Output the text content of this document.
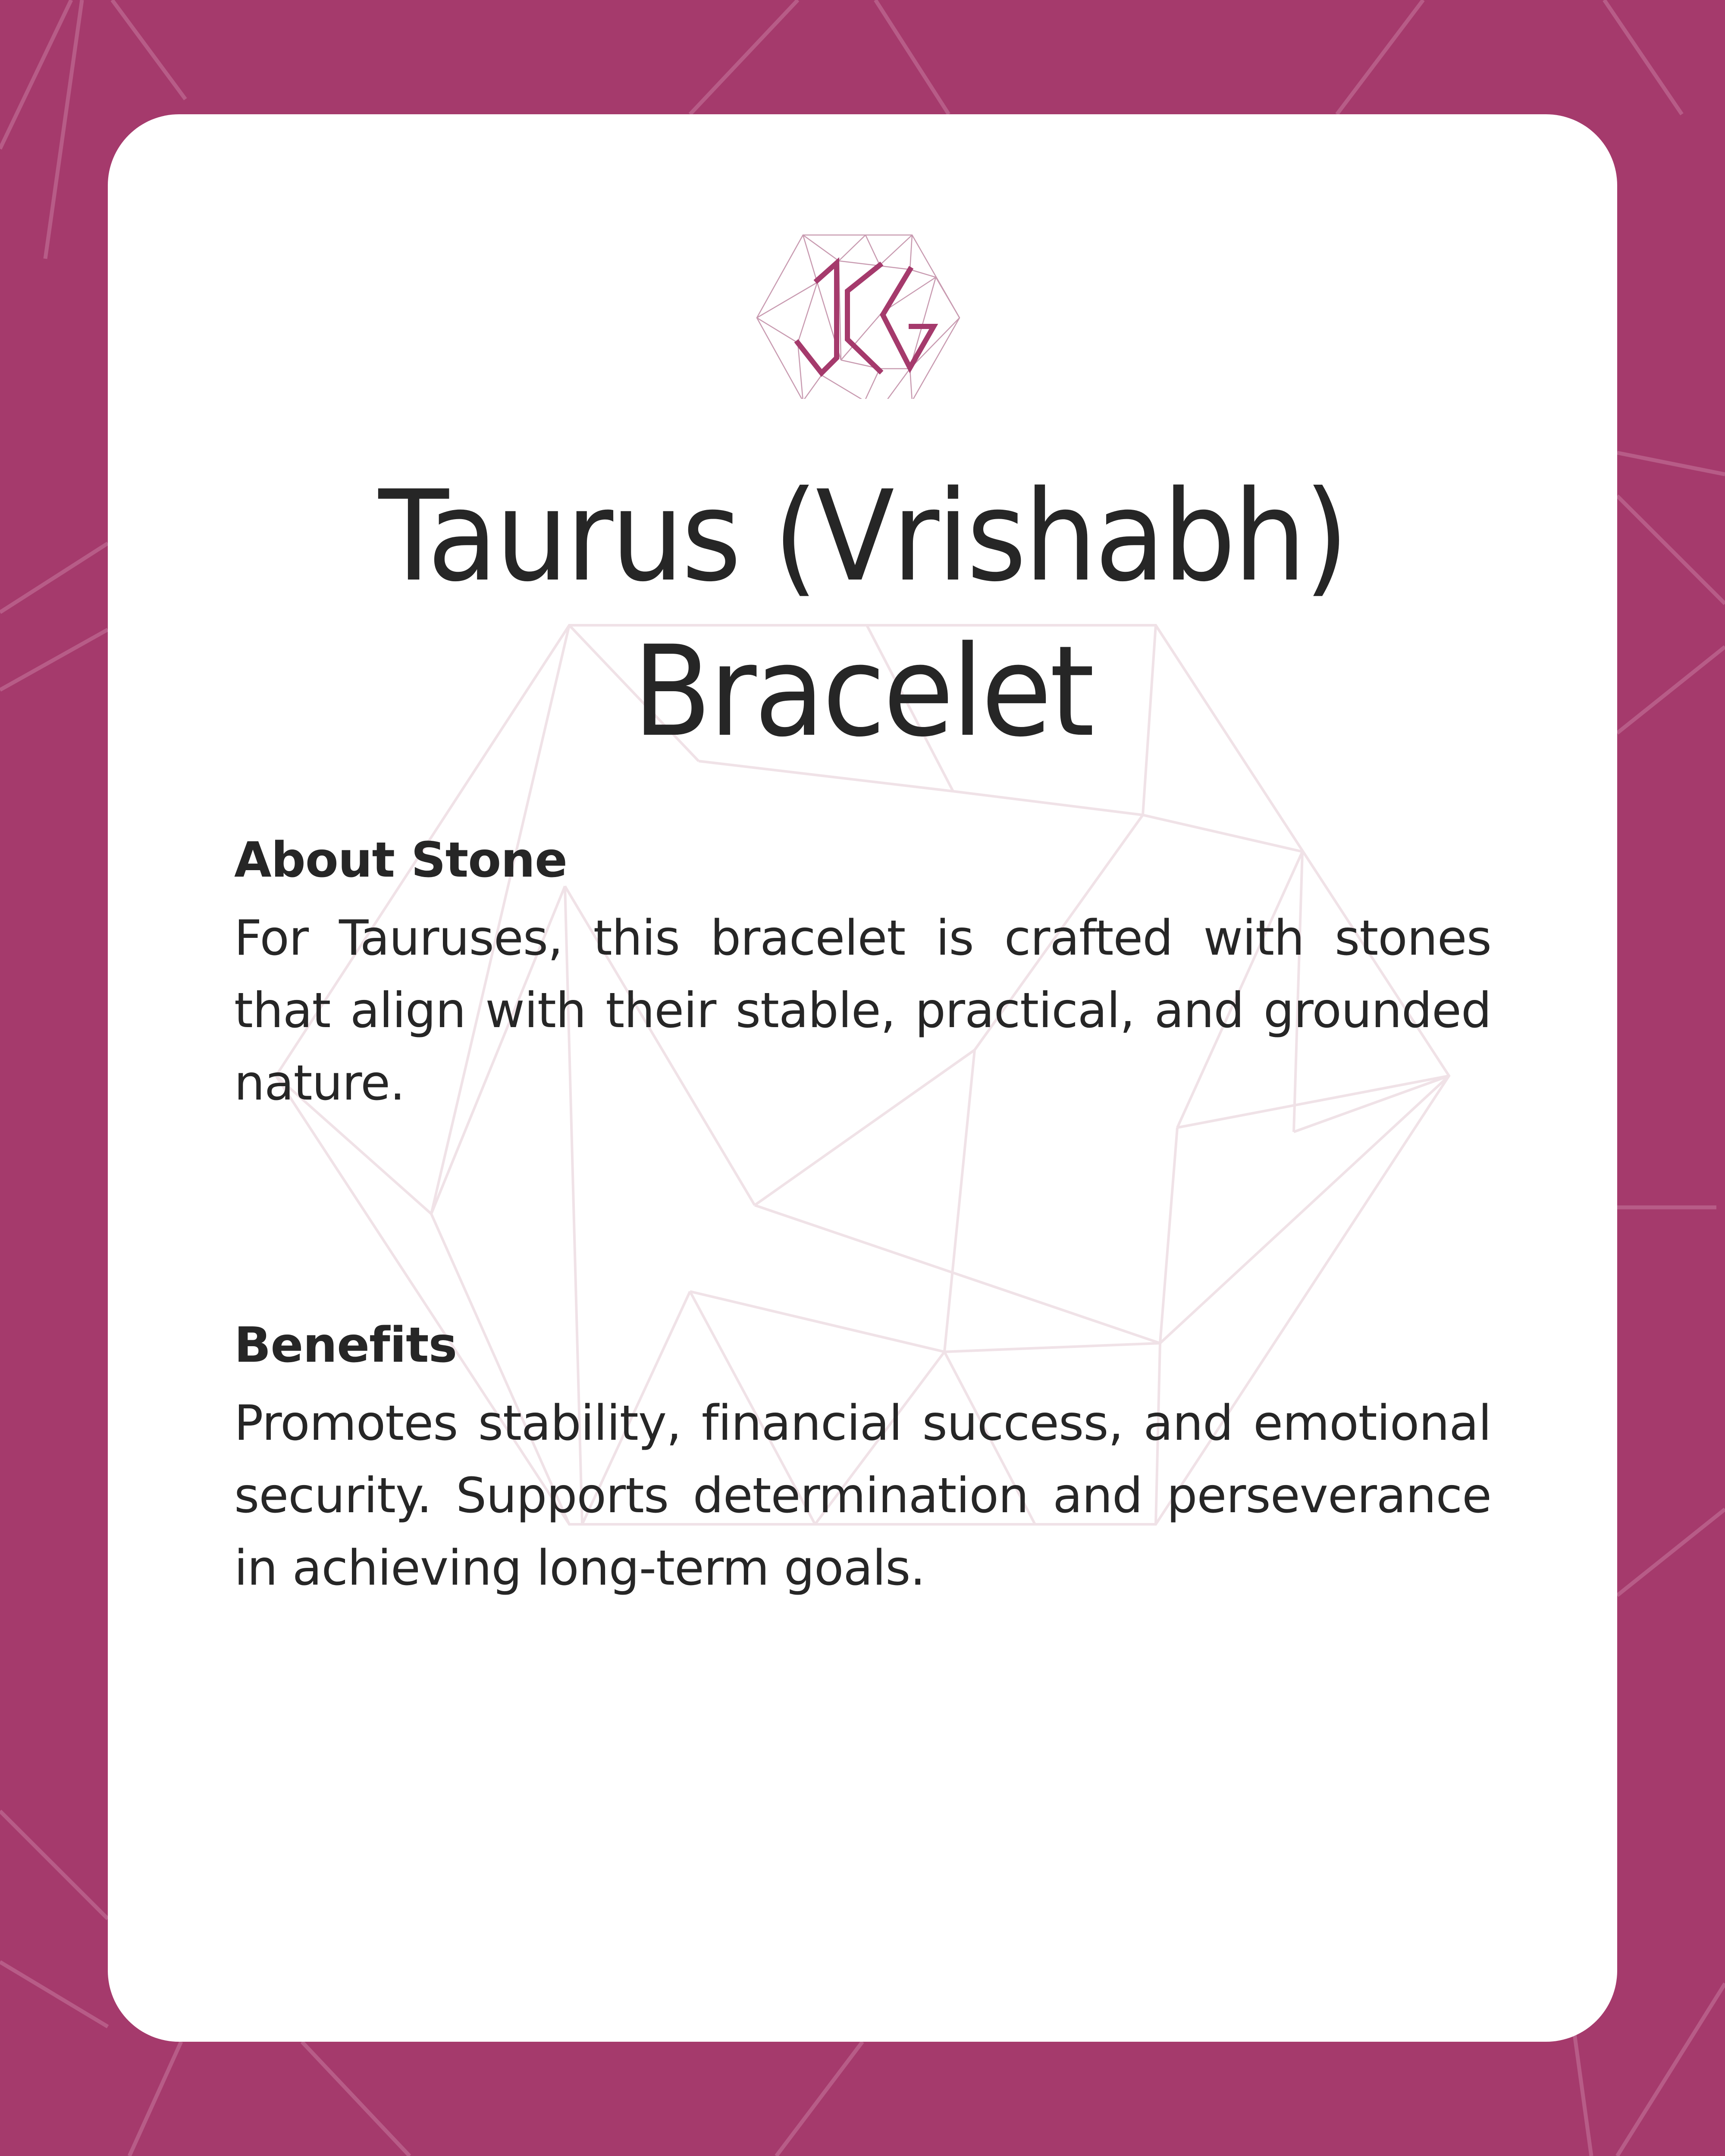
Taurus (Vrishabh)
Bracelet
About Stone
For Tauruses, this bracelet is crafted with stones that align with their stable, practical, and grounded nature.
Benefits
Promotes stability, financial success, and emotional security. Supports determination and perseverance in achieving long-term goals.
